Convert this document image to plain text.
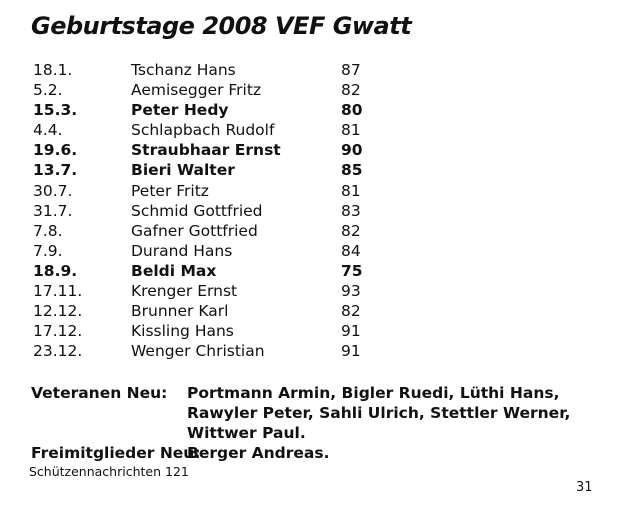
Geburtstage 2008 VEF Gwatt
18.1.	Tschanz Hans	87
5.2.	Aemisegger Fritz	82
15.3.	Peter Hedy	80
4.4.	Schlapbach Rudolf	81
19.6.	Straubhaar Ernst	90
13.7.	Bieri Walter	85
30.7.	Peter Fritz	81
31.7.	Schmid Gottfried	83
7.8.	Gafner Gottfried	82
7.9.	Durand Hans	84
18.9.	Beldi Max	75
17.11.	Krenger Ernst	93
12.12.	Brunner Karl	82
17.12.	Kissling Hans	91
23.12.	Wenger Christian	91
Veteranen Neu: Portmann Armin, Bigler Ruedi, Lüthi Hans, Rawyler Peter, Sahli Ulrich, Stettler Werner, Wittwer Paul.
Freimitglieder Neu:
Berger Andreas.
Schützennachrichten 121
31
